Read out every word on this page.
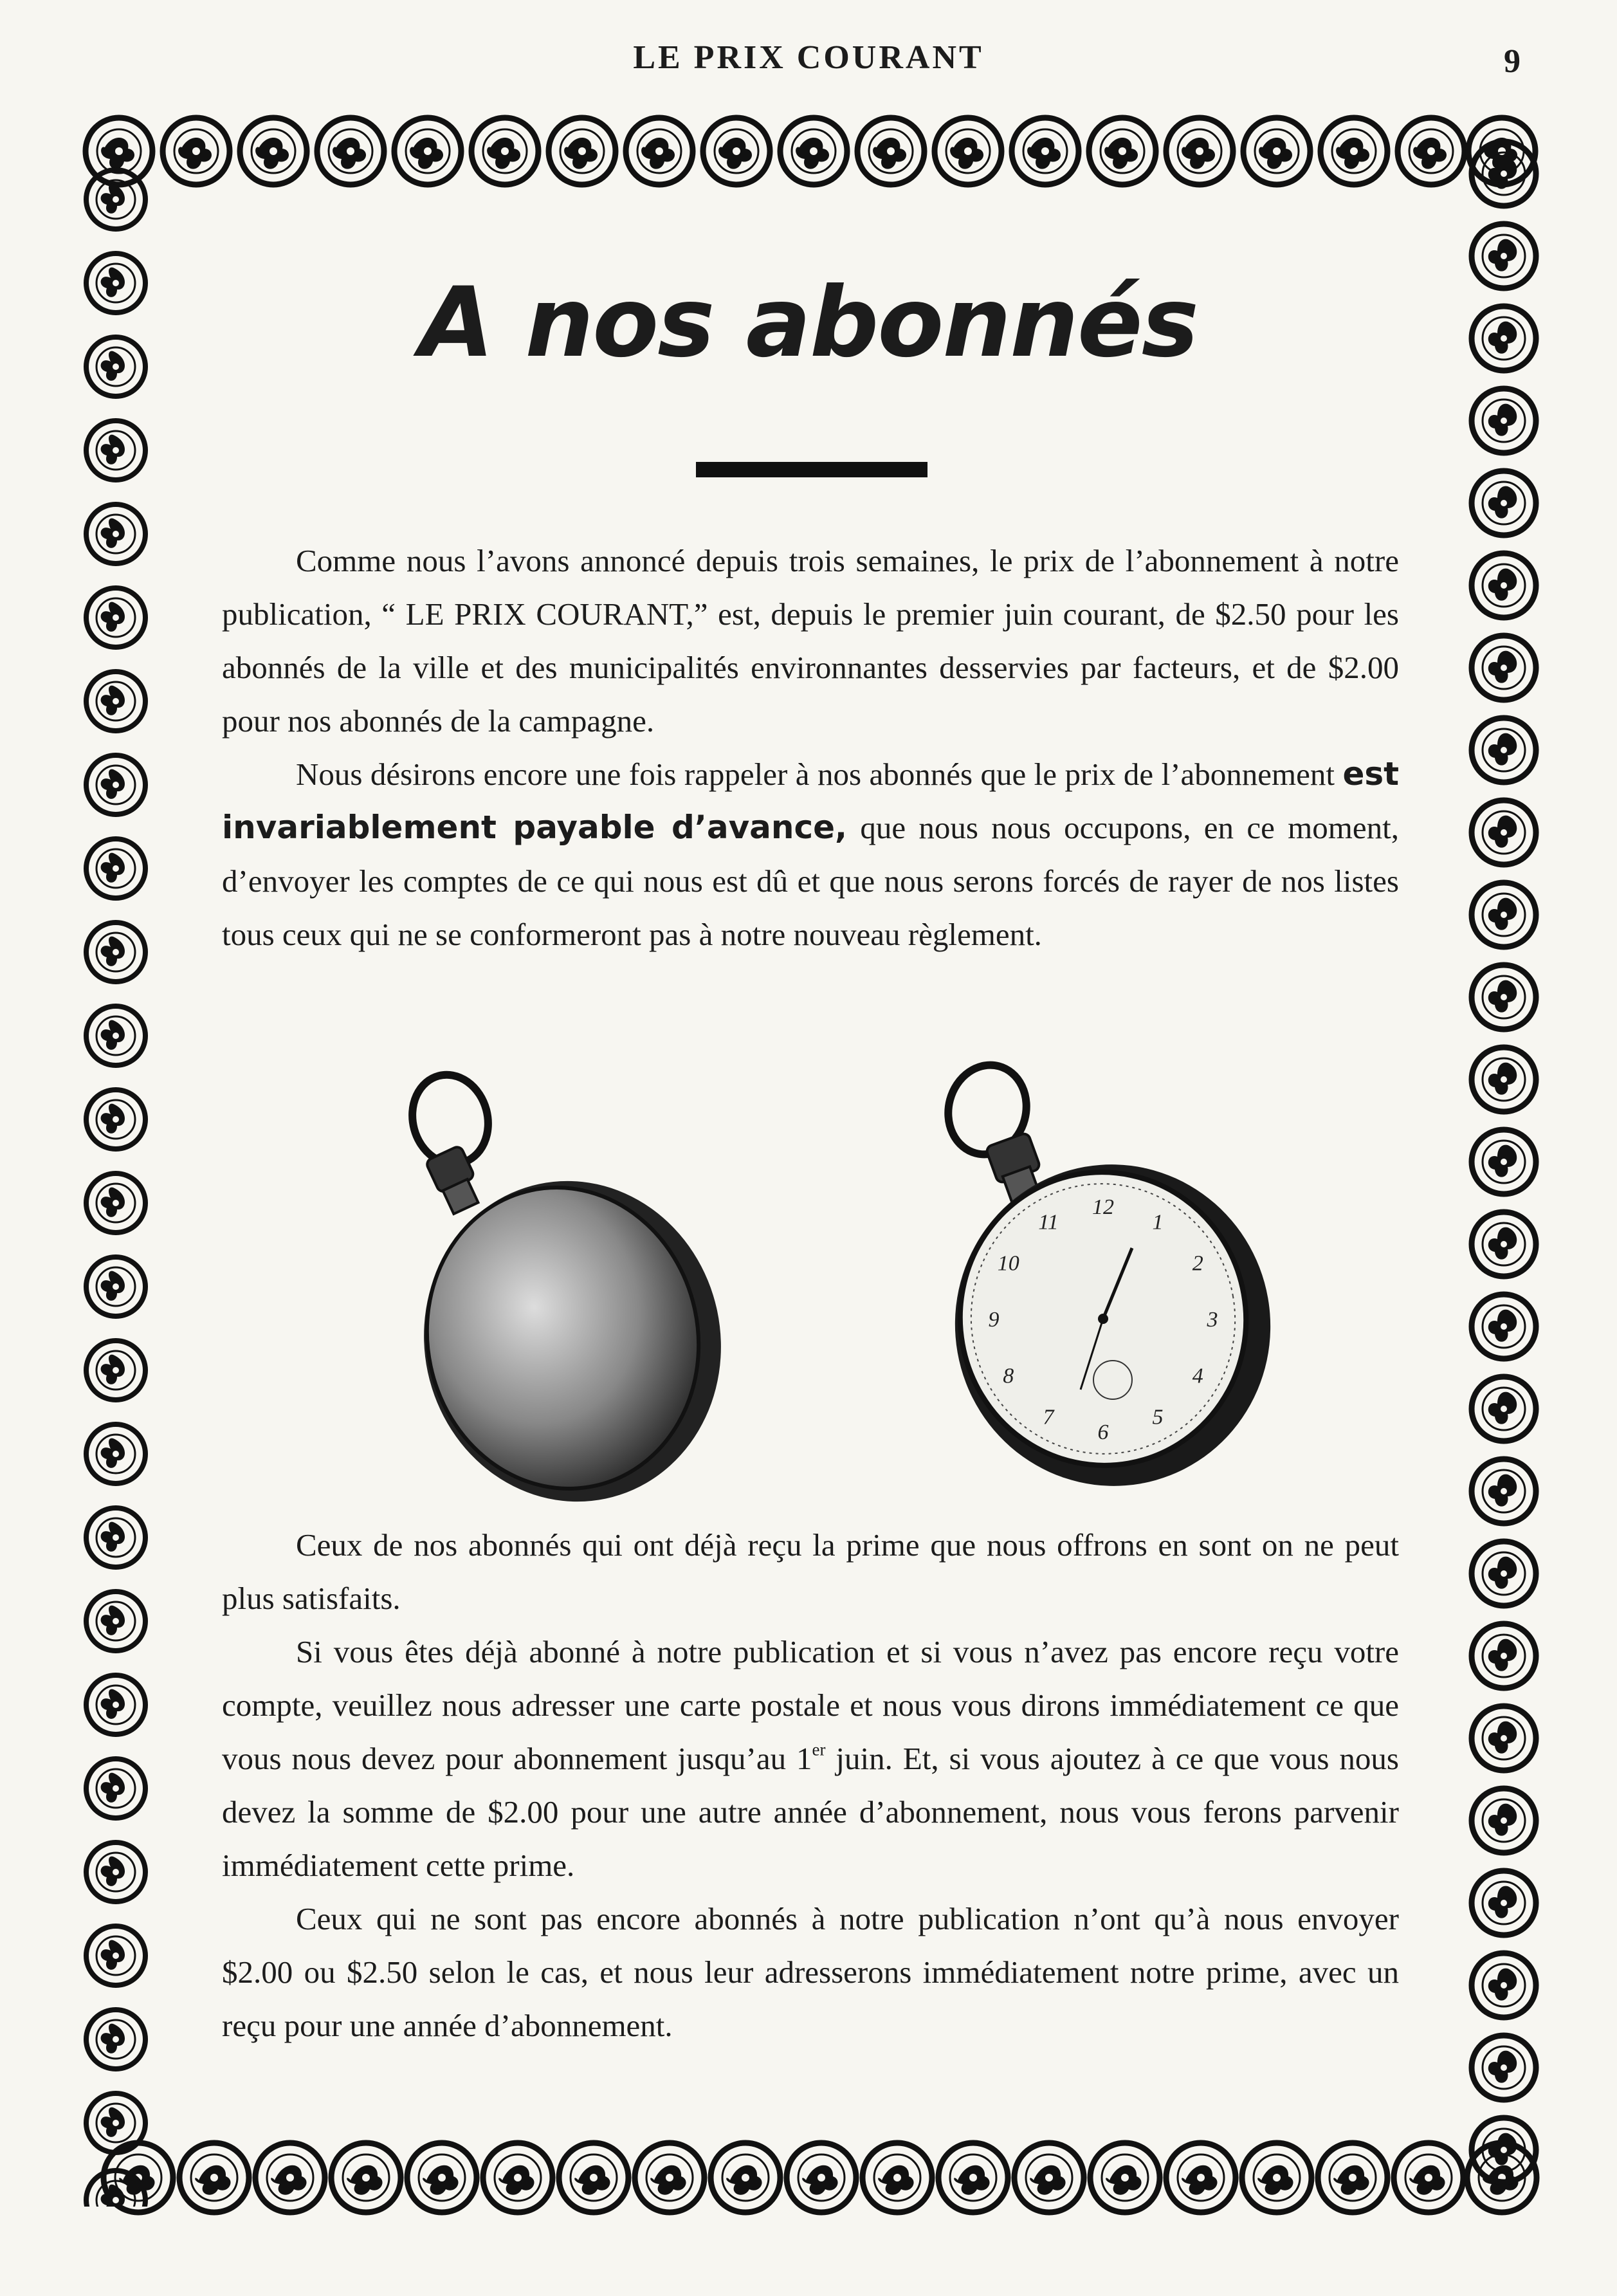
LE PRIX COURANT	9
A nos abonnés

Comme nous l’avons annoncé depuis trois semaines, le prix de l’abonnement à notre publication, “ LE PRIX COURANT,” est, depuis le premier juin courant, de $2.50 pour les abonnés de la ville et des municipalités environnantes desservies par facteurs, et de $2.00 pour nos abonnés de la campagne.

Nous désirons encore une fois rappeler à nos abonnés que le prix de l’abonnement est invariablement payable d’avance, que nous nous occupons, en ce moment, d’envoyer les comptes de ce qui nous est dû et que nous serons forcés de rayer de nos listes tous ceux qui ne se conformeront pas à notre nouveau règlement.

12
1
2
3
4
5
6
7
8
9
10
11

Ceux de nos abonnés qui ont déjà reçu la prime que nous offrons en sont on ne peut plus satisfaits.

Si vous êtes déjà abonné à notre publication et si vous n’avez pas encore reçu votre compte, veuillez nous adresser une carte postale et nous vous dirons immédiatement ce que vous nous devez pour abonnement jusqu’au 1er juin. Et, si vous ajoutez à ce que vous nous devez la somme de $2.00 pour une autre année d’abonnement, nous vous ferons parvenir immédiatement cette prime.

Ceux qui ne sont pas encore abonnés à notre publication n’ont qu’à nous envoyer $2.00 ou $2.50 selon le cas, et nous leur adresserons immédiatement notre prime, avec un reçu pour une année d’abonnement.
